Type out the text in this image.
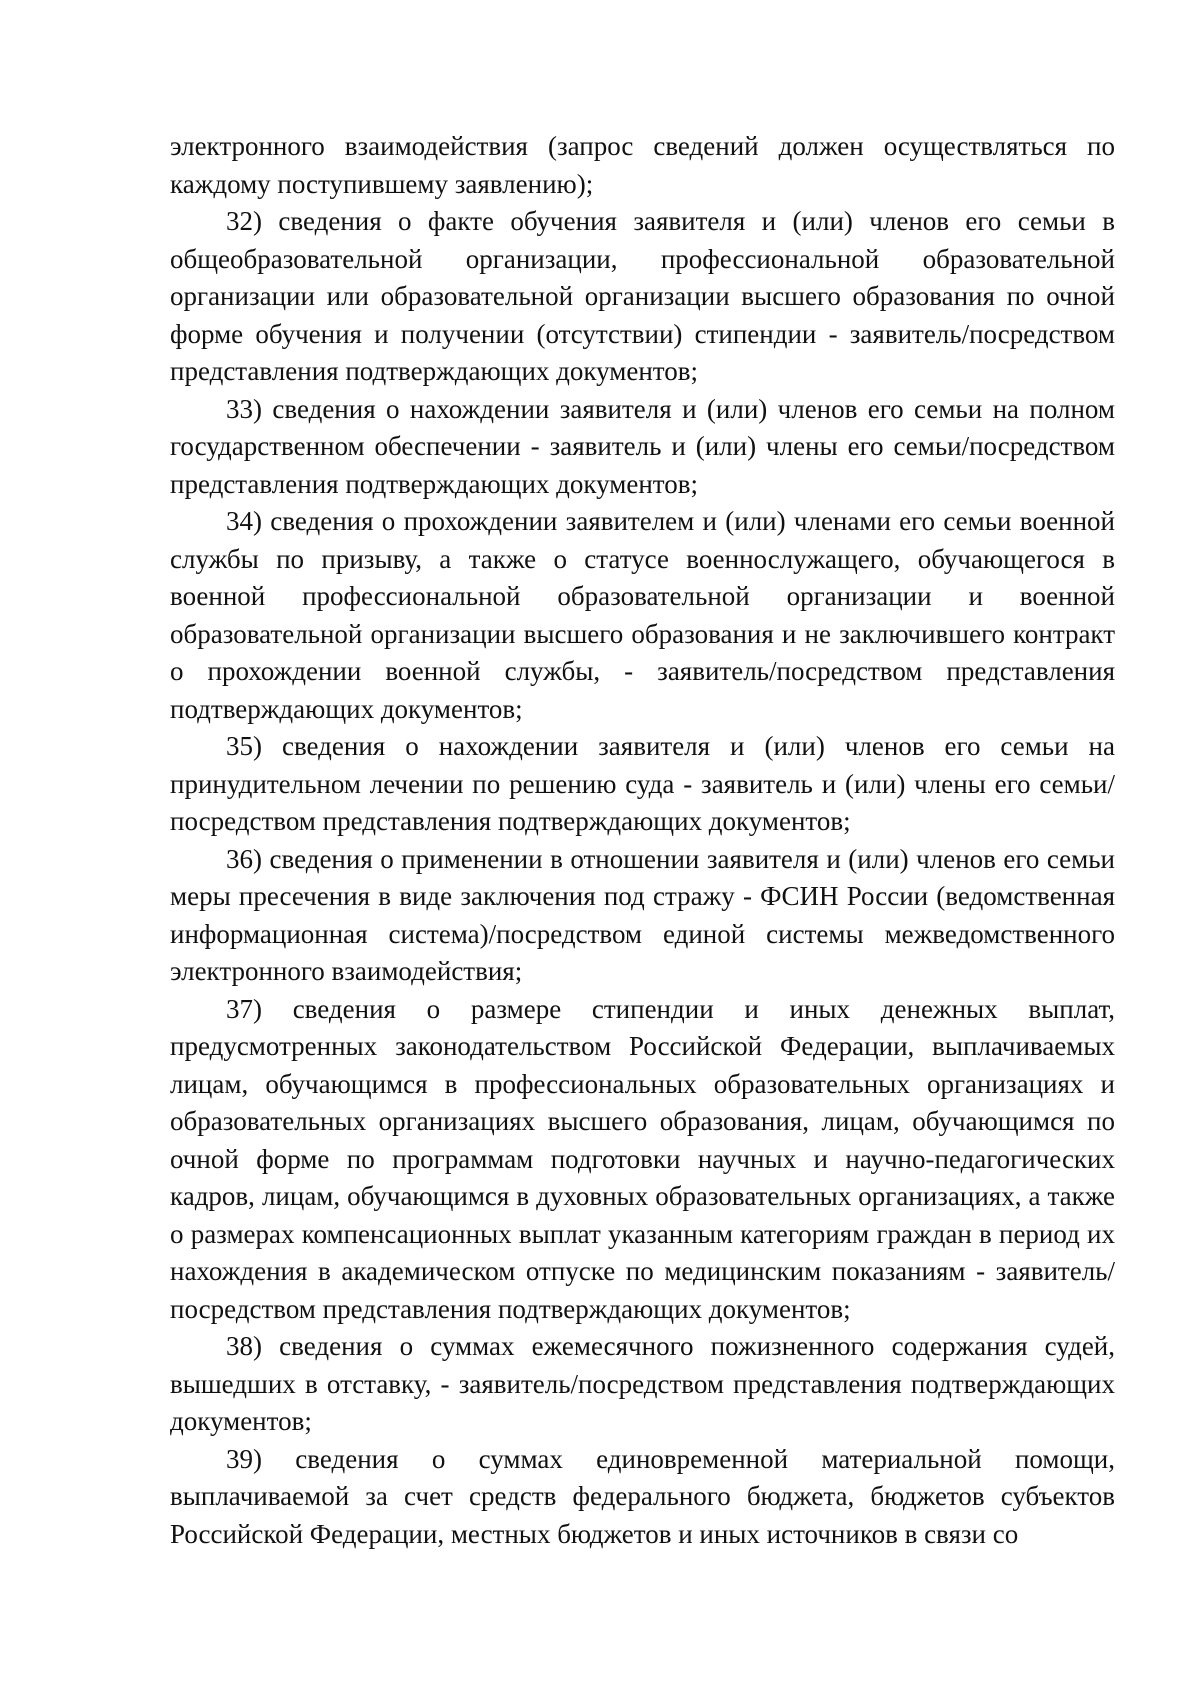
электронного взаимодействия (запрос сведений должен осуществляться по каждому поступившему заявлению);

32) сведения о факте обучения заявителя и (или) членов его семьи в общеобразовательной организации, профессиональной образовательной организации или образовательной организации высшего образования по очной форме обучения и получении (отсутствии) стипендии - заявитель/посредством представления подтверждающих документов;

33) сведения о нахождении заявителя и (или) членов его семьи на полном государственном обеспечении - заявитель и (или) члены его семьи/посредством представления подтверждающих документов;

34) сведения о прохождении заявителем и (или) членами его семьи военной службы по призыву, а также о статусе военнослужащего, обучающегося в военной профессиональной образовательной организации и военной образовательной организации высшего образования и не заключившего контракт о прохождении военной службы, - заявитель/посредством представления подтверждающих документов;

35) сведения о нахождении заявителя и (или) членов его семьи на принудительном лечении по решению суда - заявитель и (или) члены его семьи/посредством представления подтверждающих документов;

36) сведения о применении в отношении заявителя и (или) членов его семьи меры пресечения в виде заключения под стражу - ФСИН России (ведомственная информационная система)/посредством единой системы межведомственного электронного взаимодействия;

37) сведения о размере стипендии и иных денежных выплат, предусмотренных законодательством Российской Федерации, выплачиваемых лицам, обучающимся в профессиональных образовательных организациях и образовательных организациях высшего образования, лицам, обучающимся по очной форме по программам подготовки научных и научно-педагогических кадров, лицам, обучающимся в духовных образовательных организациях, а также о размерах компенсационных выплат указанным категориям граждан в период их нахождения в академическом отпуске по медицинским показаниям - заявитель/посредством представления подтверждающих документов;

38) сведения о суммах ежемесячного пожизненного содержания судей, вышедших в отставку, - заявитель/посредством представления подтверждающих документов;

39) сведения о суммах единовременной материальной помощи, выплачиваемой за счет средств федерального бюджета, бюджетов субъектов Российской Федерации, местных бюджетов и иных источников в связи со
